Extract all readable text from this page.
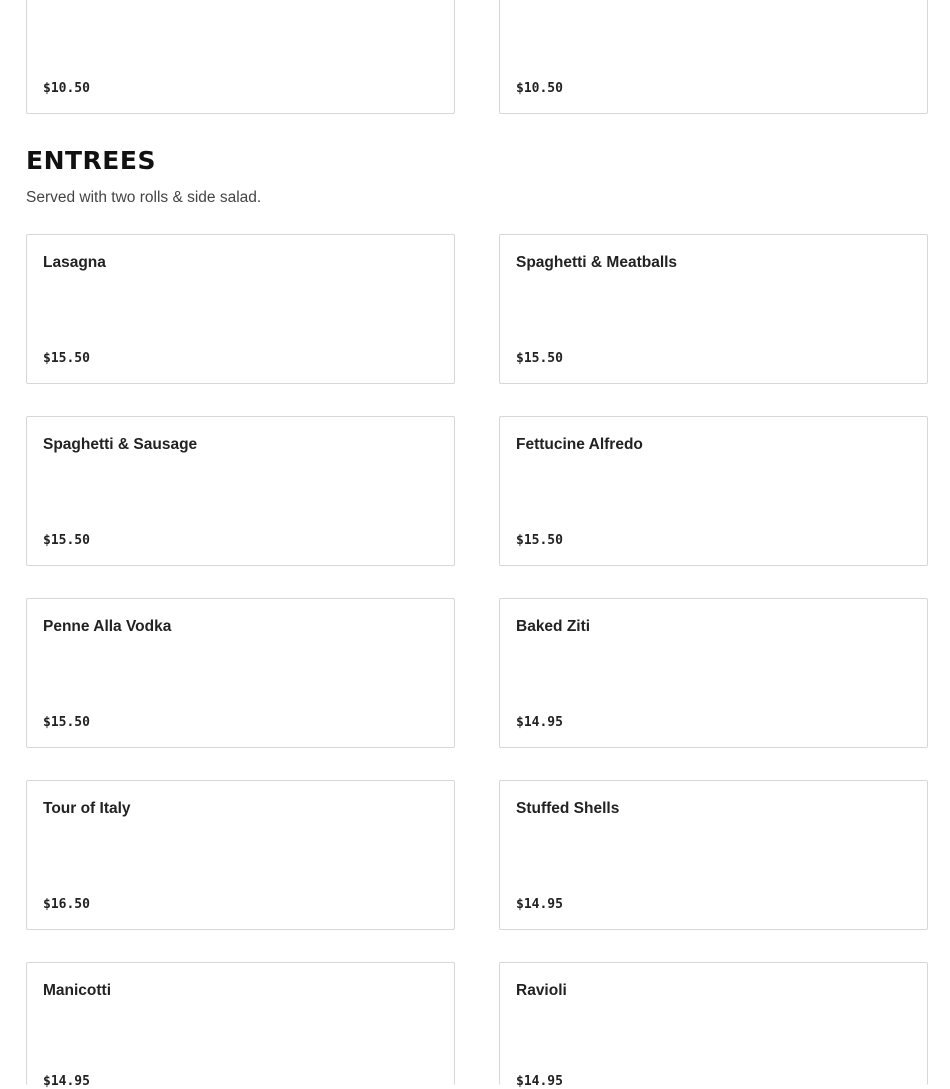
$10.50	$10.50
ENTREES

Served with two rolls & side salad.

Lasagna
$15.50
Spaghetti & Meatballs
$15.50
Spaghetti & Sausage
$15.50
Fettucine Alfredo
$15.50
Penne Alla Vodka
$15.50
Baked Ziti
$14.95
Tour of Italy
$16.50
Stuffed Shells
$14.95
Manicotti
$14.95
Ravioli
$14.95
